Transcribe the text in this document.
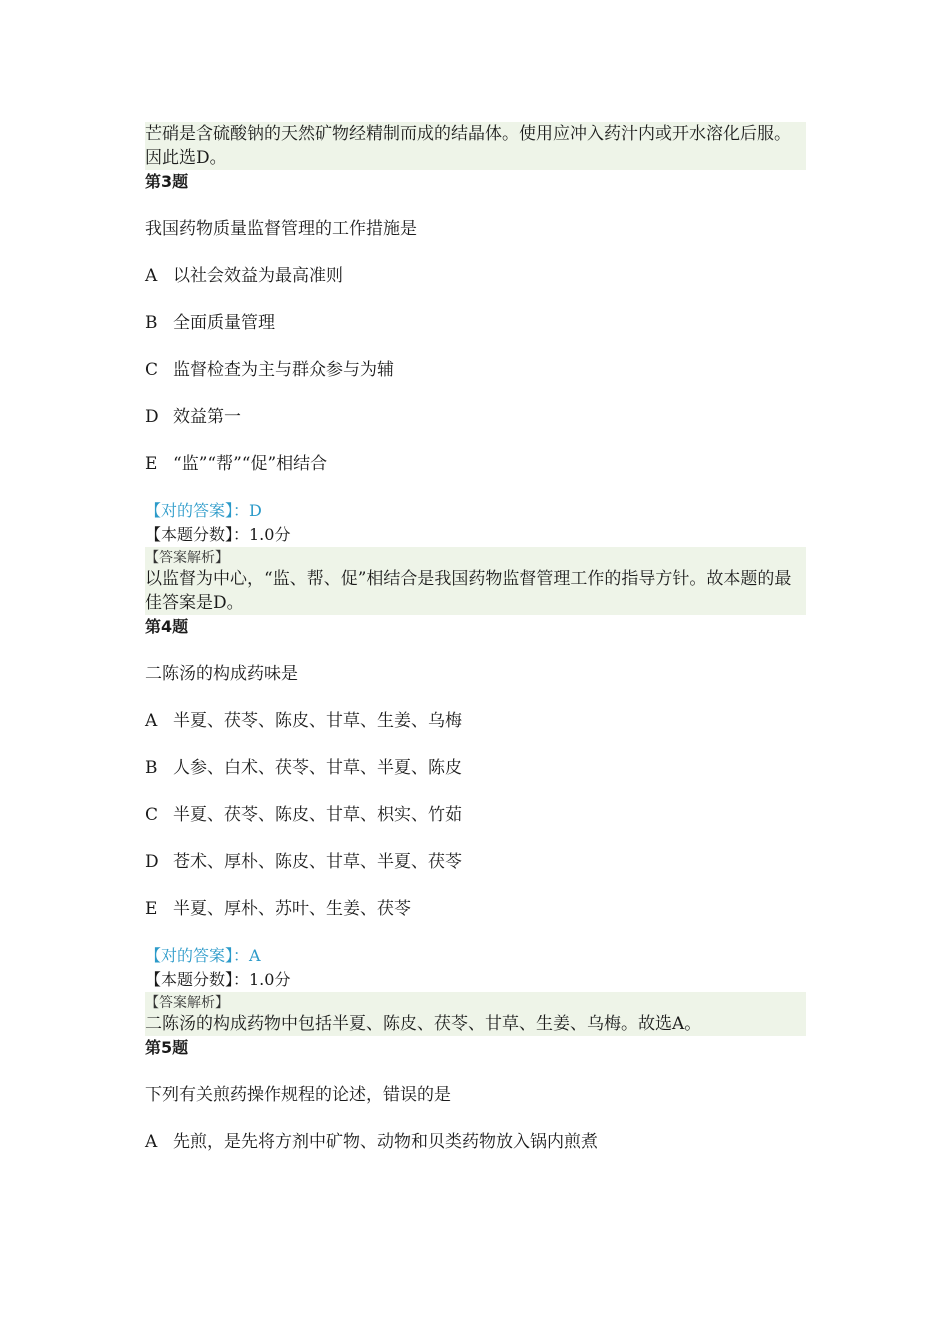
芒硝是含硫酸钠的天然矿物经精制而成的结晶体。使用应冲入药汁内或开水溶化后服。因此选D。
第3题
我国药物质量监督管理的工作措施是
A 以社会效益为最高准则
B 全面质量管理
C 监督检查为主与群众参与为辅
D 效益第一
E “监”“帮”“促”相结合
【对的答案】：D
【本题分数】：1.0分
【答案解析】
以监督为中心，“监、帮、促”相结合是我国药物监督管理工作的指导方针。故本题的最佳答案是D。
第4题
二陈汤的构成药味是
A 半夏、茯苓、陈皮、甘草、生姜、乌梅
B 人参、白术、茯苓、甘草、半夏、陈皮
C 半夏、茯苓、陈皮、甘草、枳实、竹茹
D 苍术、厚朴、陈皮、甘草、半夏、茯苓
E 半夏、厚朴、苏叶、生姜、茯苓
【对的答案】：A
【本题分数】：1.0分
【答案解析】
二陈汤的构成药物中包括半夏、陈皮、茯苓、甘草、生姜、乌梅。故选A。
第5题
下列有关煎药操作规程的论述，错误的是
A 先煎，是先将方剂中矿物、动物和贝类药物放入锅内煎煮
